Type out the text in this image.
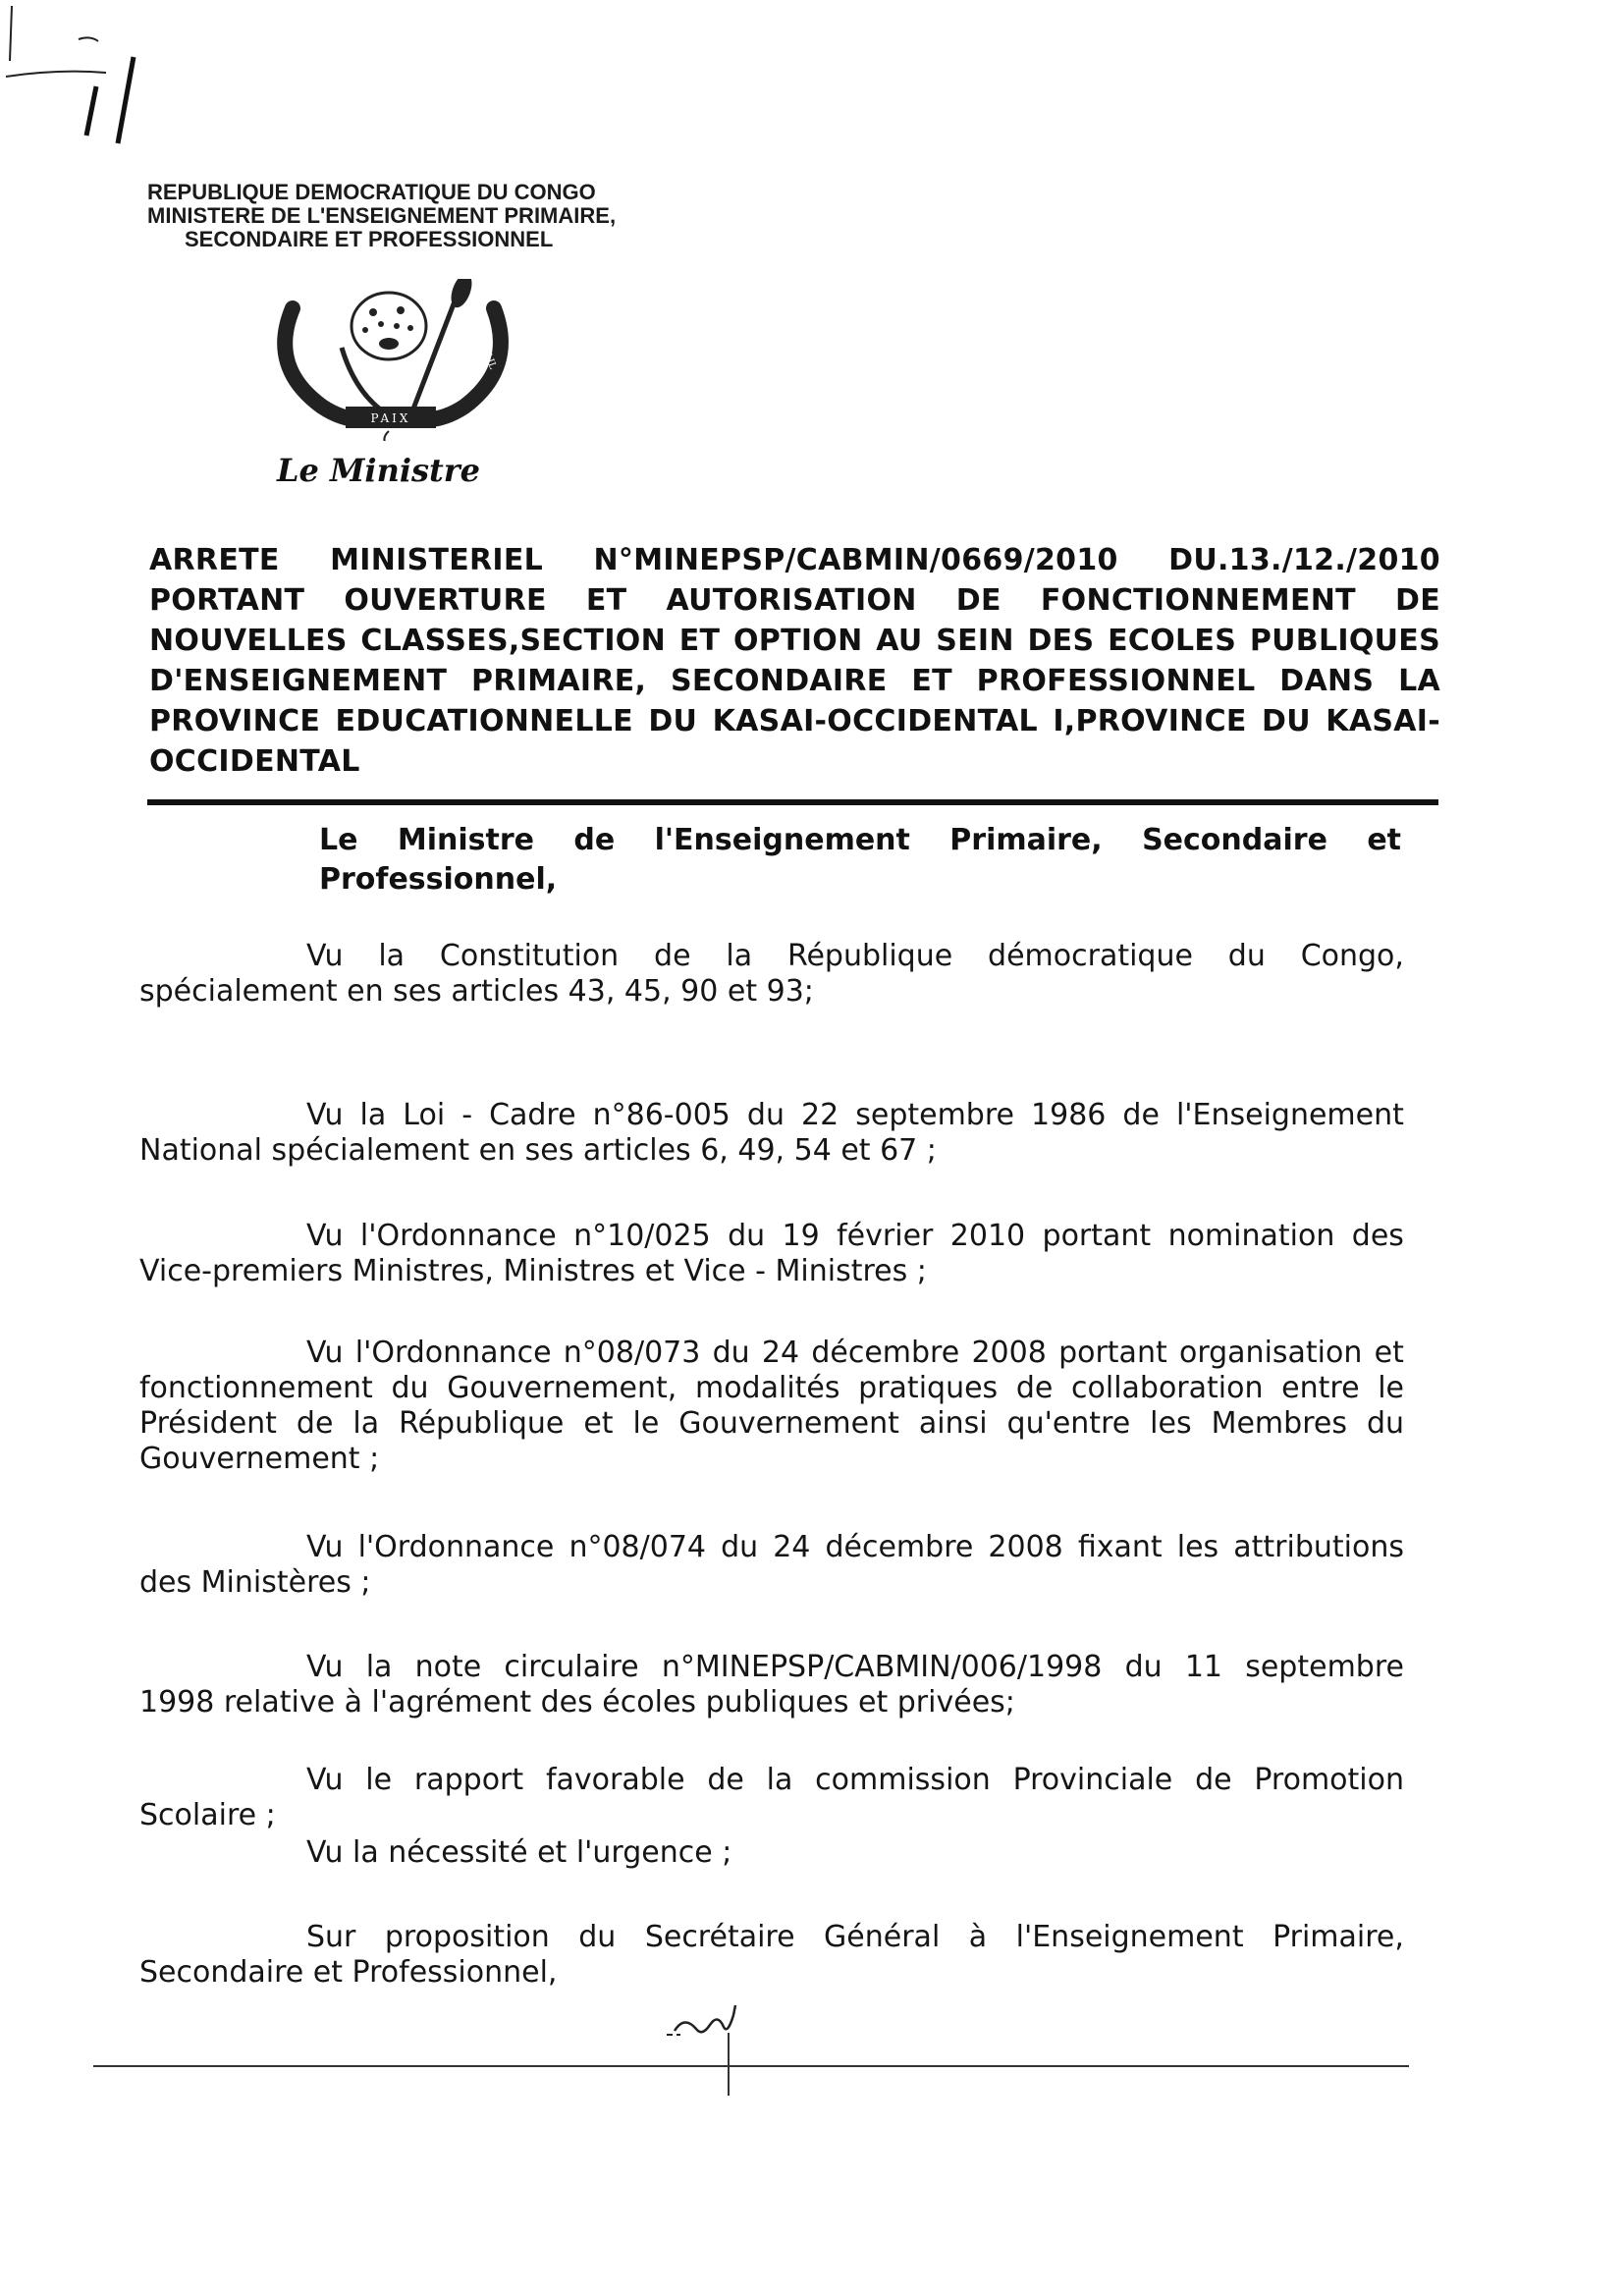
REPUBLIQUE DEMOCRATIQUE DU CONGO
MINISTERE DE L'ENSEIGNEMENT PRIMAIRE,
SECONDAIRE ET PROFESSIONNEL
PAIX
JUSTICE	TRAVAIL
Le Ministre
ARRETE MINISTERIEL N°MINEPSP/CABMIN/0669/2010 DU.13./12./2010
PORTANT OUVERTURE ET AUTORISATION DE FONCTIONNEMENT DE NOUVELLES CLASSES,SECTION ET OPTION AU SEIN DES ECOLES PUBLIQUES D'ENSEIGNEMENT PRIMAIRE, SECONDAIRE ET PROFESSIONNEL DANS LA PROVINCE EDUCATIONNELLE DU KASAI-OCCIDENTAL I,PROVINCE DU KASAI-OCCIDENTAL
Le Ministre de l'Enseignement Primaire, Secondaire et
Professionnel,
Vu la Constitution de la République démocratique du Congo,
spécialement en ses articles 43, 45, 90 et 93;
Vu la Loi - Cadre n°86-005 du 22 septembre 1986 de l'Enseignement
National spécialement en ses articles 6, 49, 54 et 67 ;
Vu l'Ordonnance n°10/025 du 19 février 2010 portant nomination des
Vice-premiers Ministres, Ministres et Vice - Ministres ;
Vu l'Ordonnance n°08/073 du 24 décembre 2008 portant organisation et
fonctionnement du Gouvernement, modalités pratiques de collaboration entre le Président de la République et le Gouvernement ainsi qu'entre les Membres du Gouvernement ;
Vu l'Ordonnance n°08/074 du 24 décembre 2008 fixant les attributions
des Ministères ;
Vu la note circulaire n°MINEPSP/CABMIN/006/1998 du 11 septembre
1998 relative à l'agrément des écoles publiques et privées;
Vu le rapport favorable de la commission Provinciale de Promotion
Scolaire ;
Vu la nécessité et l'urgence ;
Sur proposition du Secrétaire Général à l'Enseignement Primaire,
Secondaire et Professionnel,
